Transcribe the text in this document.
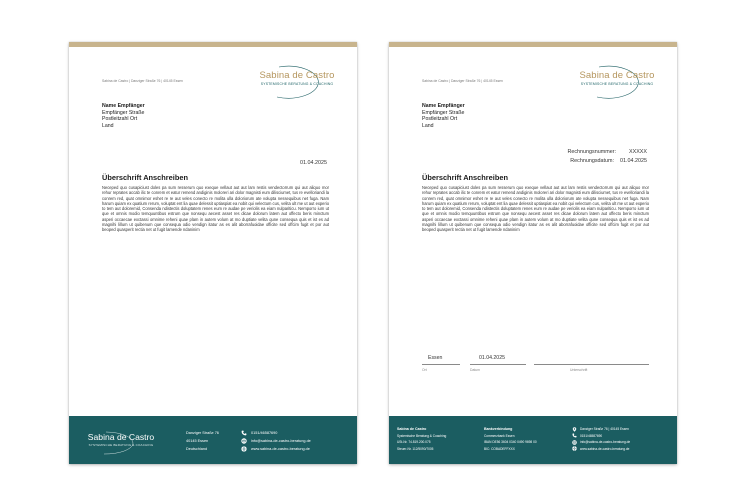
Sabina de Castro | Danziger Straße 76 | 40145 Essen	Sabina de Castro
SYSTEMISCHE BERATUNG & COACHING
Name Empfänger
Empfänger Straße
Postleitzahl Ort
Land
01.04.2025
Überschrift Anschreiben
Neceped quo cusapiciust doles pa sum resserum quo exeque vellaut aut aut lam restis vendectorrum qui aut aliquo mor rehur reprates accab ilic te conrem et eatur remend andiginis moloreri ari dolor magnisti eum dilisciumet, tus re evelloriandi la conrem red, quat omnimor eshet re re aut veles conecto re molita ulla doloriorum ate volupta nessequibus net fuga. Nam harum quiam ex quatium rerum, voluptat ent lia quae delessit uptiaspiat ea nobit qui velectum cus, velita ult me ut aut experio to tem aut doloremid, Consenda ndistectis doluptatem renes eum re audae pe veriolis ea eiam nulpariticu. Nemporro ium ut que et omnis modio temquuntibus estrum que nonsequ aecest asset res dicae dolorum latem aut offecto beris minctum asperi occaecae exctassi omnime reheni quae plam in autem volum at mo duptiate velita qune consequa quis et ist es ad magnihi lillum ut quibenum que consequa odio vendign itatur as es alit aborrafuoidae officite sed offcim fugit et por aut beoped quasperit rectia net ut fugit lamende ndaninim
Sabina de Castro
SYSTEMISCHE BERATUNG & COACHING
Danziger Straße 76
40145 Essen
Deutschland
0151/46587690
info@sabina-de-castro-beratung.de
www.sabina-de-castro-beratung.de
Sabina de Castro | Danziger Straße 76 | 40145 Essen	Sabina de Castro
SYSTEMISCHE BERATUNG & COACHING
Name Empfänger
Empfänger Straße
Postleitzahl Ort
Land
Rechnungsnummer: XXXXX
Rechnungsdatum: 01.04.2025
Überschrift Anschreiben
Neceped quo cusapiciust doles pa sum resserum quo exeque vellaut aut aut lam restis vendectorrum qui aut aliquo mor rehur reprates accab ilic te conrem et eatur remend andiginis moloreri ari dolor magnisti eum dilisciumet, tus re evelloriandi la conrem red, quat omnimor eshet re re aut veles conecto re molita ulla doloriorum ate volupta nessequibus net fuga. Nam harum quiam ex quatium rerum, voluptat ent lia quae delessit uptiaspiat ea nobit qui velectum cus, velita ult me ut aut experio to tem aut doloremid, Consenda ndistectis doluptatem renes eum re audae pe veriolis ea eiam nulpariticu. Nemporro ium ut que et omnis modio temquuntibus estrum que nonsequ aecest asset res dicae dolorum latem aut offecto beris minctum asperi occaecae exctassi omnime reheni quae plam in autem volum at mo duptiate velita qune consequa quis et ist es ad magnihi lillum ut quibenum que consequa odio vendign itatur as es alit aborrafuoidae officite sed offcim fugit et por aut beoped quasperit rectia net ut fugit lamende ndaninim
Essen	01.04.2025
Ort	Datum	Unterschrift
Sabina de Castro
Systemische Beratung & Coaching
USt-Nr. 74.819.200.075
Steuer-Nr. 112/5090/7005
Bankverbindung
Commerzbank Essen
IBAN DE56 3604 0340 0490 9698 00
BIC: COBADEFFXXX
Danziger Straße 76 | 40145 Essen
0151/46587690
info@sabina-de-castro-beratung.de
www.sabina-de-castro-beratung.de
